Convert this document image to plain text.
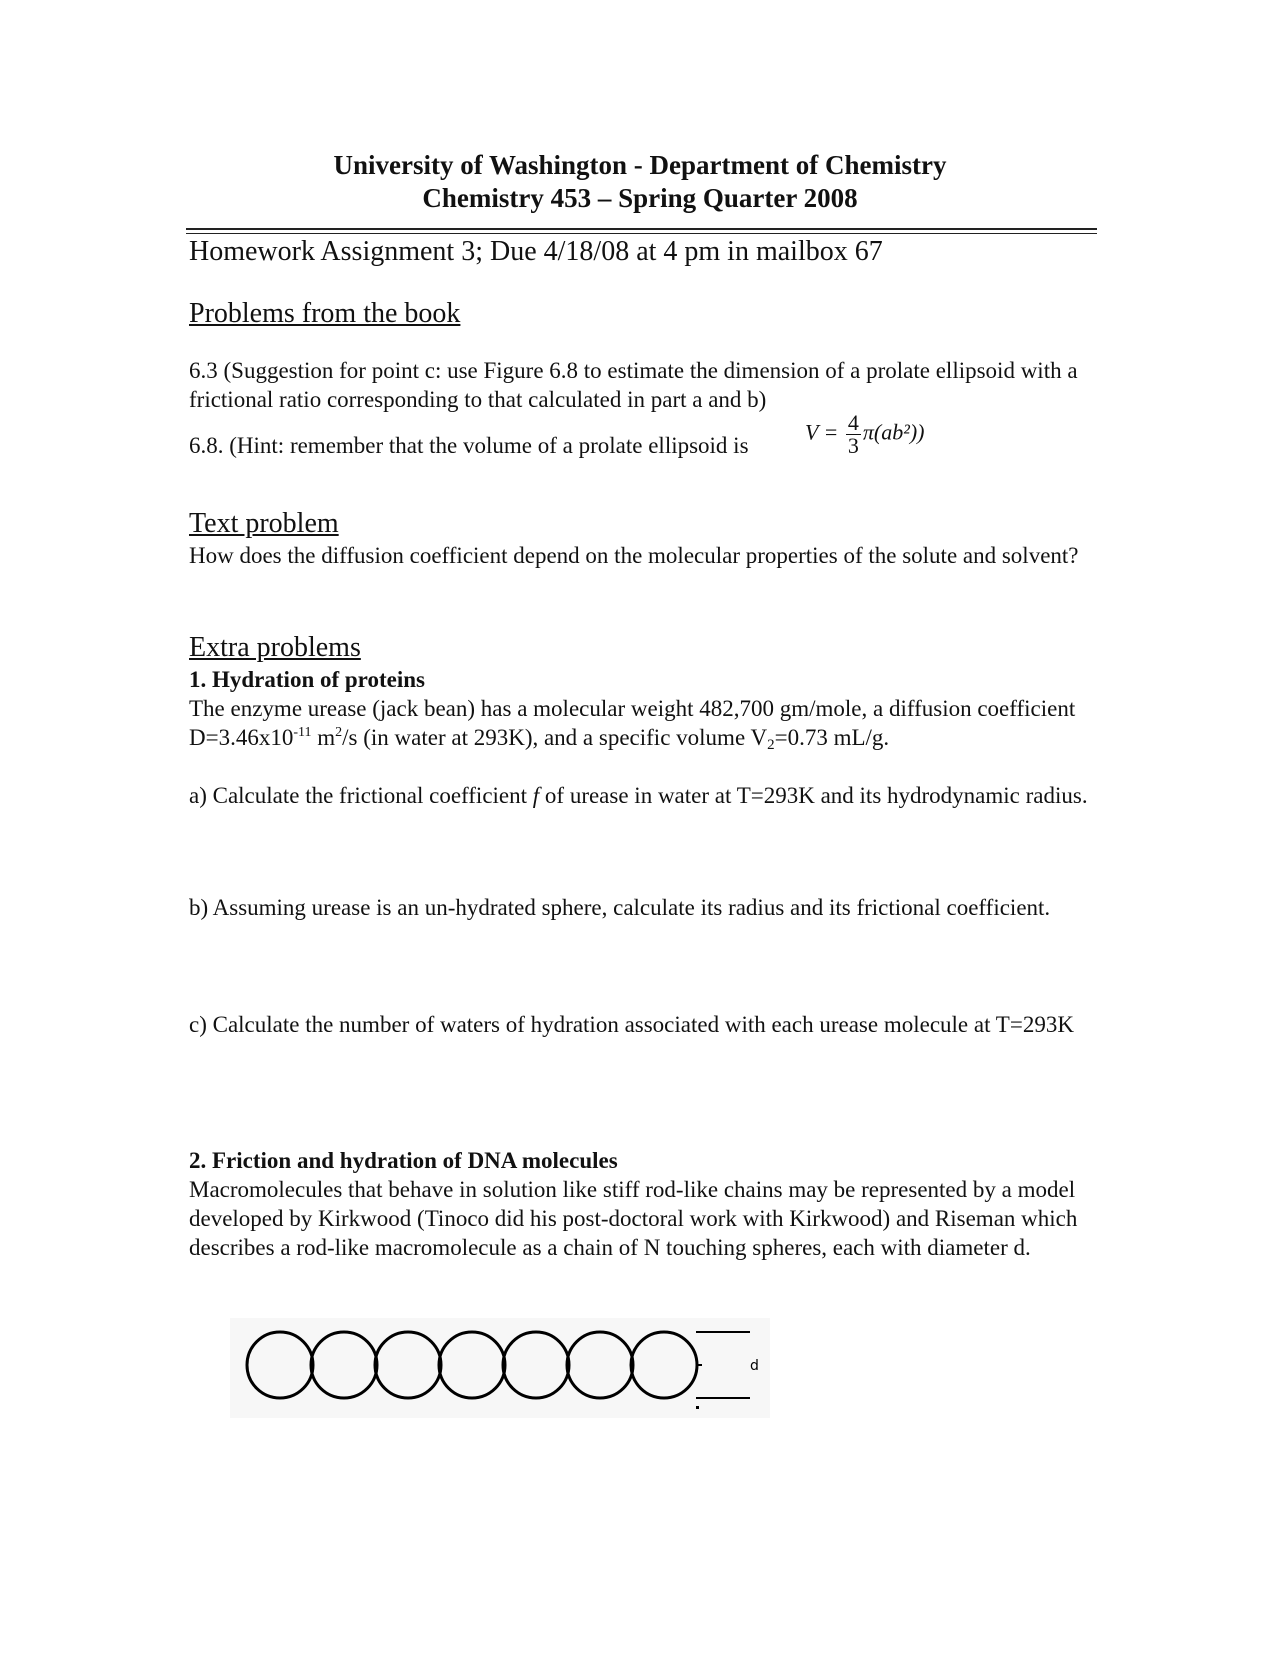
University of Washington - Department of Chemistry
Chemistry 453 – Spring Quarter 2008
Homework Assignment 3; Due 4/18/08 at 4 pm in mailbox 67
Problems from the book
6.3 (Suggestion for point c: use Figure 6.8 to estimate the dimension of a prolate ellipsoid with a frictional ratio corresponding to that calculated in part a and b)
6.8. (Hint: remember that the volume of a prolate ellipsoid is
$V = \frac{4}{3} \pi(ab^2)$)
Text problem
How does the diffusion coefficient depend on the molecular properties of the solute and solvent?
Extra problems
1. Hydration of proteins
The enzyme urease (jack bean) has a molecular weight 482,700 gm/mole, a diffusion coefficient $D=3.46x10^{-11}$ $m^2/s$ (in water at 293K), and a specific volume $V_2=0.73$ mL/g.
a) Calculate the frictional coefficient f of urease in water at T=293K and its hydrodynamic radius.
b) Assuming urease is an un-hydrated sphere, calculate its radius and its frictional coefficient.
c) Calculate the number of waters of hydration associated with each urease molecule at T=293K
2. Friction and hydration of DNA molecules
Macromolecules that behave in solution like stiff rod-like chains may be represented by a model developed by Kirkwood (Tinoco did his post-doctoral work with Kirkwood) and Riseman which describes a rod-like macromolecule as a chain of N touching spheres, each with diameter d.
d
